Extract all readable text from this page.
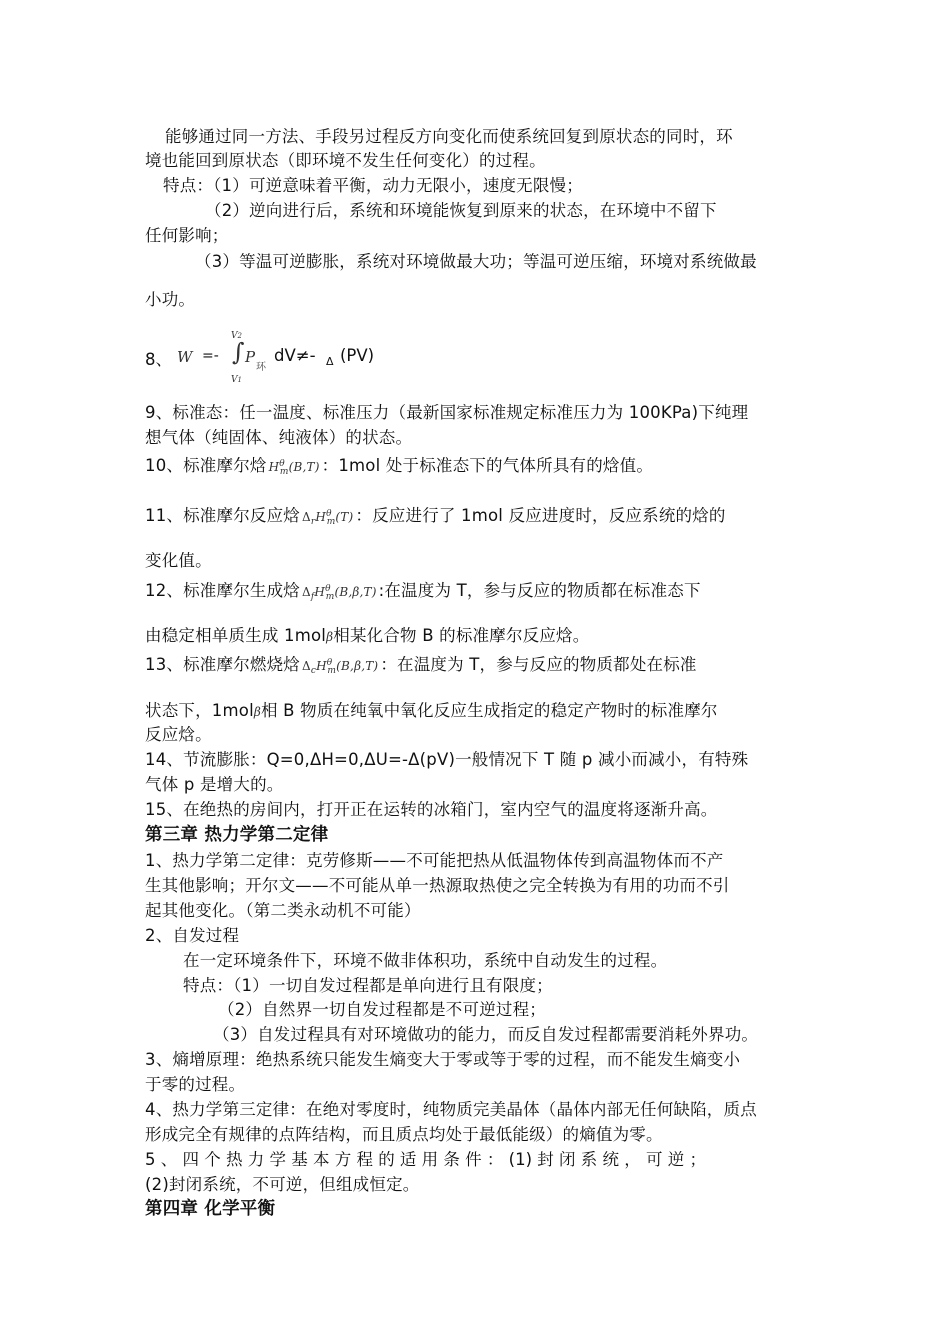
能够通过同一方法、手段另过程反方向变化而使系统回复到原状态的同时，环
境也能回到原状态（即环境不发生任何变化）的过程。
特点：（1）可逆意味着平衡，动力无限小，速度无限慢；
（2）逆向进行后，系统和环境能恢复到原来的状态，在环境中不留下
任何影响；
（3）等温可逆膨胀，系统对环境做最大功；等温可逆压缩，环境对系统做最
小功。
8、 W =-
V2
∫
V1
P
环
dV≠- Δ (PV)
9、标准态：任一温度、标准压力（最新国家标准规定标准压力为 100KPa)下纯理
想气体（纯固体、纯液体）的状态。
10、标准摩尔焓 $H^\theta_m(B,T)$ ：1mol 处于标准态下的气体所具有的焓值。
11、标准摩尔反应焓 $\Delta_rH^\theta_m(T)$ ：反应进行了 1mol 反应进度时，反应系统的焓的
变化值。
12、标准摩尔生成焓 $\Delta_fH^\theta_m(B,\beta,T)$ :在温度为 T，参与反应的物质都在标准态下
由稳定相单质生成 1molβ相某化合物 B 的标准摩尔反应焓。
13、标准摩尔燃烧焓 $\Delta_cH^\theta_m(B,\beta,T)$ ：在温度为 T，参与反应的物质都处在标准
状态下，1molβ相 B 物质在纯氧中氧化反应生成指定的稳定产物时的标准摩尔
反应焓。
14、节流膨胀：Q=0,ΔH=0,ΔU=-Δ(pV)一般情况下 T 随 p 减小而减小，有特殊
气体 p 是增大的。
15、在绝热的房间内，打开正在运转的冰箱门，室内空气的温度将逐渐升高。
第三章 热力学第二定律
1、热力学第二定律：克劳修斯——不可能把热从低温物体传到高温物体而不产
生其他影响；开尔文——不可能从单一热源取热使之完全转换为有用的功而不引
起其他变化。（第二类永动机不可能）
2、自发过程
在一定环境条件下，环境不做非体积功，系统中自动发生的过程。
特点：（1）一切自发过程都是单向进行且有限度；
（2）自然界一切自发过程都是不可逆过程；
（3）自发过程具有对环境做功的能力，而反自发过程都需要消耗外界功。
3、熵增原理：绝热系统只能发生熵变大于零或等于零的过程，而不能发生熵变小
于零的过程。
4、热力学第三定律：在绝对零度时，纯物质完美晶体（晶体内部无任何缺陷，质点
形成完全有规律的点阵结构，而且质点均处于最低能级）的熵值为零。
5 、 四 个 热 力 学 基 本 方 程 的 适 用 条 件 ： (1) 封 闭 系 统 ， 可 逆 ；
(2)封闭系统，不可逆，但组成恒定。
第四章 化学平衡
